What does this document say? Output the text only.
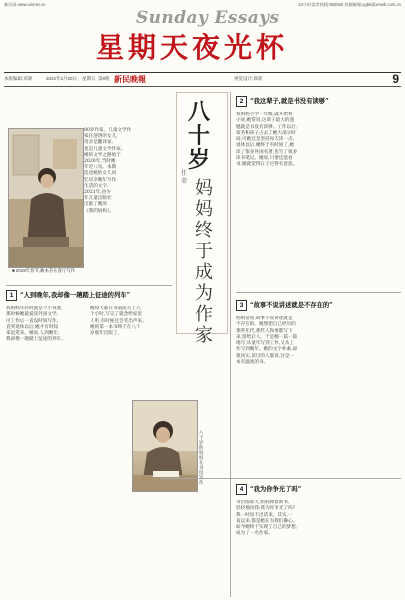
新民网 www.xinmin.cn	24小时读者热线:962555 投稿邮箱:ygbk@xmwb.com.cn
Sunday Essays
星期天夜光杯
本版编辑:邓源	2022年3月20日 星期日 第9版 新民晚報	视觉设计:郑蕾	9
80岁作家、儿童文学作
家任溶溶的女儿,
母亲是翻译家,
也是儿童文学作家。
她的文学之路始于
2020年,当时她
年近八旬。本期
选登她的女儿回
忆母亲晚年写作
生活的文字,
2021年,由少
年儿童出版社
出版了她的
《我的妈妈》。
■ 2019年春节,戴本芬在客厅写作
八十岁
妈妈终于成为作家
任荣
1 “人到晚年,我却像一趟踏上征途的列车”
我妈妈年轻时就是个小说迷,
那时候她最爱读外国文学,
可工作后一直没时间写作。
直到退休以后,她才有时间
拿起笔来。她说,人到晚年,
我却像一趟踏上征途的列车。
她每天都在书桌前写上几
个小时,写完了就念给家里
人听,有时候还会笑出声来。
她的第一本书终于在八十
岁那年出版了。
八十岁的妈妈在书房 作
2 “我这辈子,就是书没有读够”
我妈妈小学一年级,就开始看
小说,她常说,这辈子最大的遗
憾就是书没有读够。工作以后,
家务和孩子占去了她大部分时
间,可她还是坚持每天读一点。
退休以后,她终于有时间了,她
读了很多外国名著,也写了很多
读书笔记。她说,只要还能看
书,她就觉得日子过得有意思。
3 “故事不说讲述就是不存在的”
妈妈常说,故事不说讲述就是
不存在的。她想把自己经历的
那些年代,那些人和事都写下
来,留给后人。于是她一篇一篇
地写,从童年写到工作,又从工
作写到晚年。她的文字朴素,却
很真实,读过的人都说,这是一
本有温度的书。
4 “我为你争光了吗”
书出版那天,妈妈捧着新书,
轻轻地问我:我为你争光了吗?
我一时说不出话来。其实,一
直以来,都是她在为我们操心。
如今她终于实现了自己的梦想,
成为了一名作家。
